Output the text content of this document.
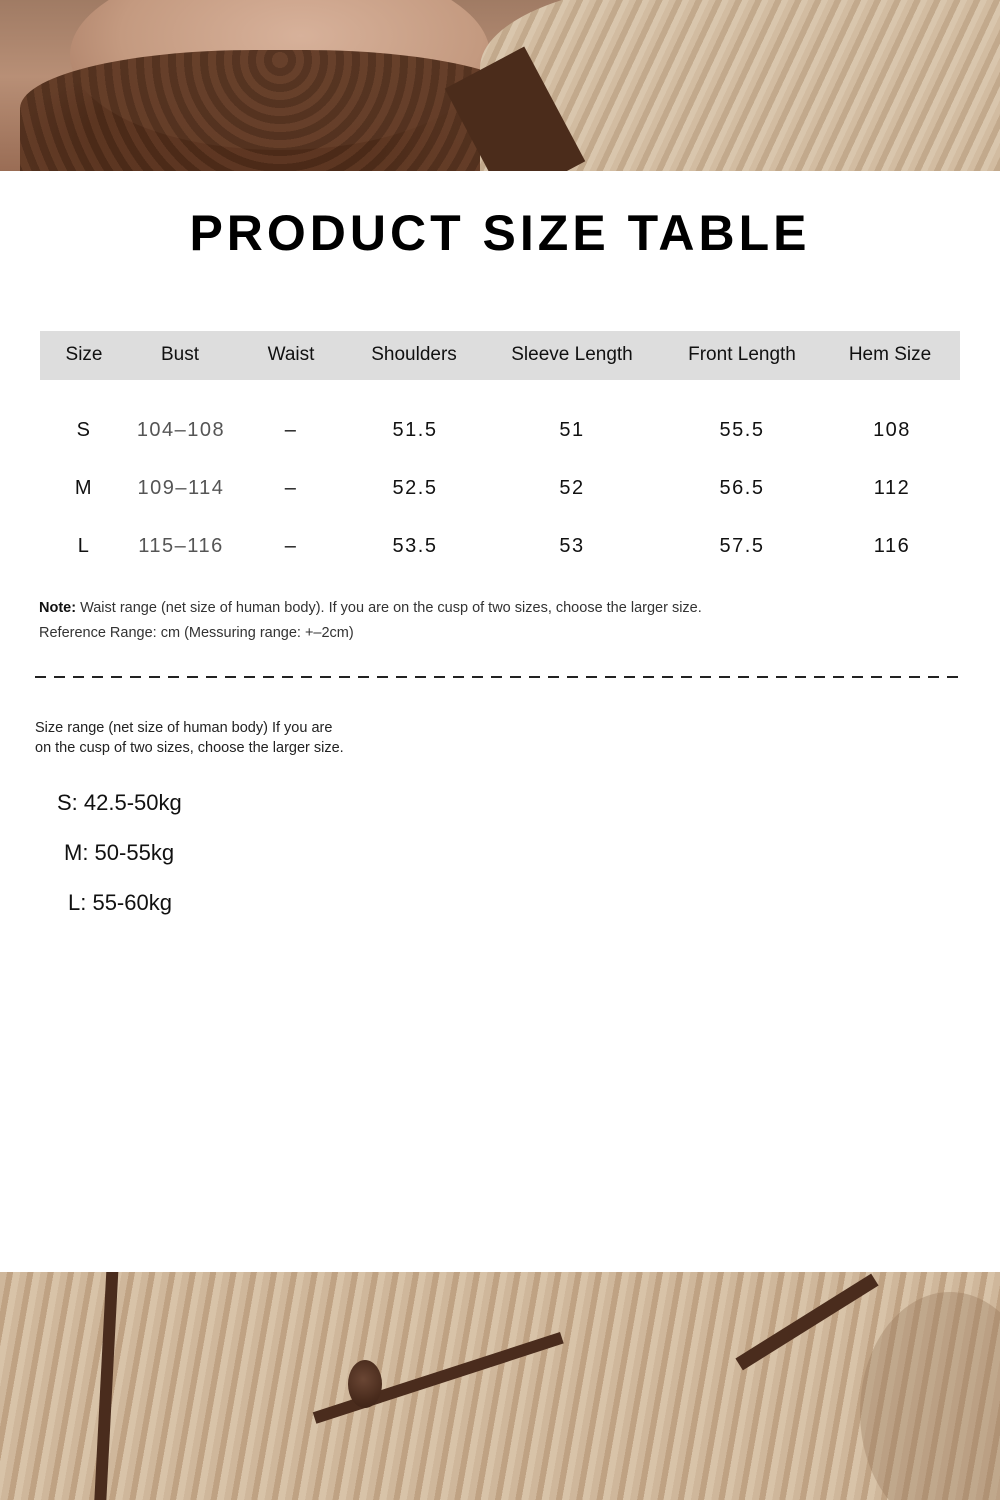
PRODUCT SIZE TABLE
Size	Bust	Waist	Shoulders	Sleeve Length	Front Length	Hem Size
S 104–108	–	51.5	51	55.5	108
M 109–114	–	52.5	52	56.5	112
L 115–116	–	53.5	53	57.5	116
Note: Waist range (net size of human body). If you are on the cusp of two sizes, choose the larger size.
Reference Range: cm (Messuring range: +–2cm)
Size range (net size of human body) If you are
on the cusp of two sizes, choose the larger size.
S: 42.5-50kg
M: 50-55kg
L: 55-60kg
